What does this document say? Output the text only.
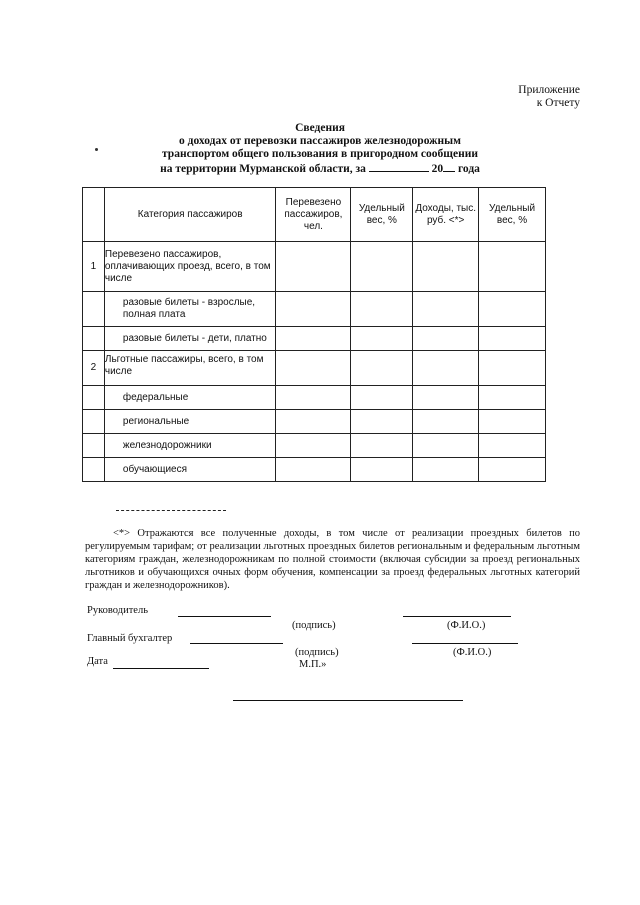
Приложение
к Отчету
Сведения
о доходах от перевозки пассажиров железнодорожным
транспортом общего пользования в пригородном сообщении
на территории Мурманской области, за	20 года
	Категория пассажиров	Перевезено пассажиров, чел.	Удельный вес, %	Доходы, тыс. руб. <*>	Удельный вес, %
1	Перевезено пассажиров, оплачивающих проезд, всего, в том числе				
	разовые билеты - взрослые, полная плата				
	разовые билеты - дети, платно				
2	Льготные пассажиры, всего, в том числе				
	федеральные				
	региональные				
	железнодорожники				
	обучающиеся				
<*> Отражаются все полученные доходы, в том числе от реализации проездных билетов по регулируемым тарифам; от реализации льготных проездных билетов региональным и федеральным льготным категориям граждан, железнодорожникам по полной стоимости (включая субсидии за проезд региональных льготников и обучающихся очных форм обучения, компенсации за проезд федеральных льготных категорий граждан и железнодорожников).
Руководитель
(подпись)	(Ф.И.О.)
Главный бухгалтер
(подпись)	(Ф.И.О.)
Дата	М.П.»
